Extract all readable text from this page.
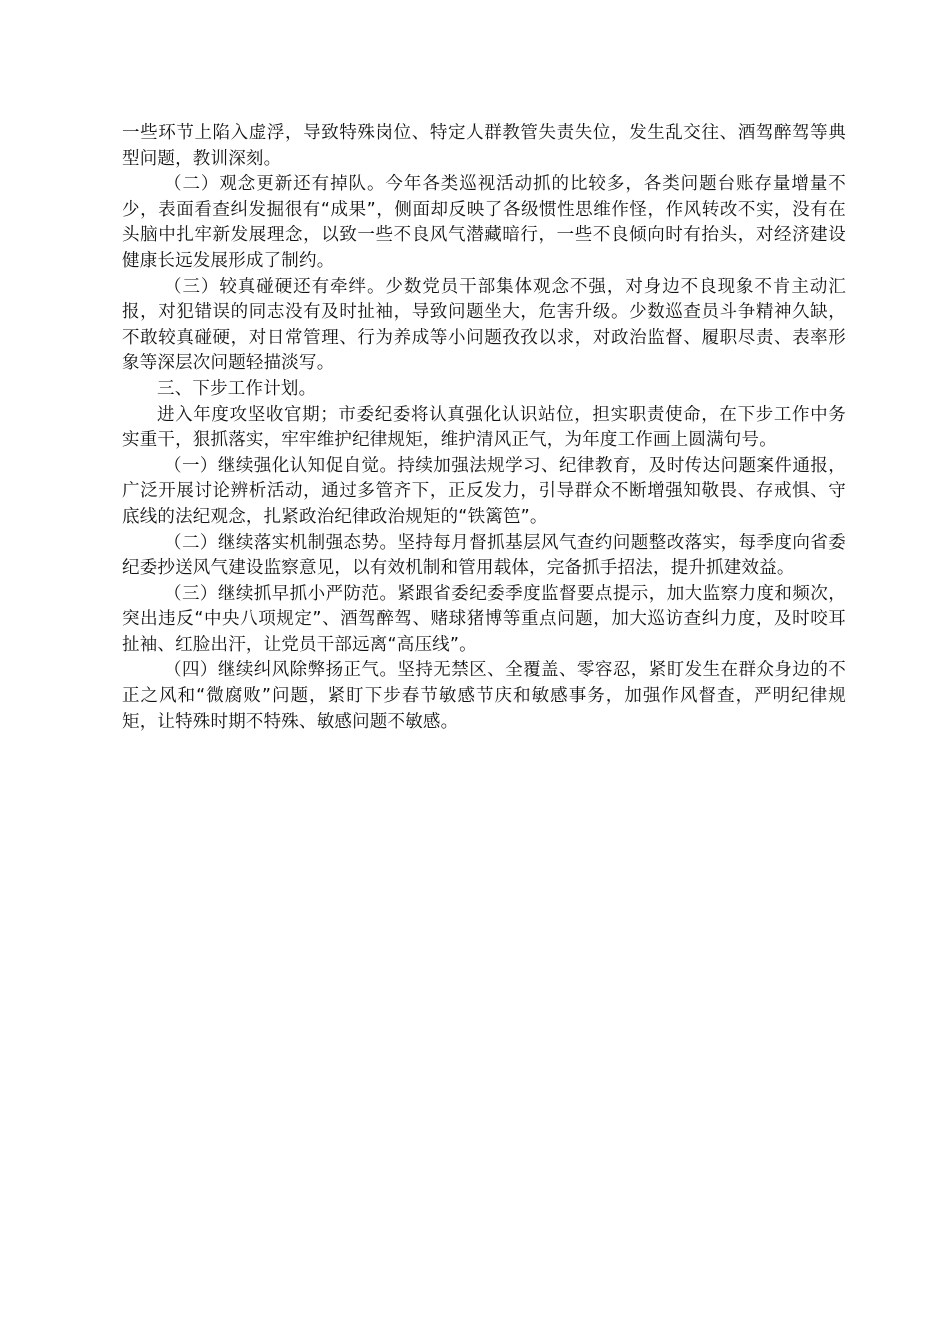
一些环节上陷入虚浮，导致特殊岗位、特定人群教管失责失位，发生乱交往、酒驾醉驾等典型问题，教训深刻。

（二）观念更新还有掉队。今年各类巡视活动抓的比较多，各类问题台账存量增量不少，表面看查纠发掘很有“成果”，侧面却反映了各级惯性思维作怪，作风转改不实，没有在头脑中扎牢新发展理念，以致一些不良风气潜藏暗行，一些不良倾向时有抬头，对经济建设健康长远发展形成了制约。

（三）较真碰硬还有牵绊。少数党员干部集体观念不强，对身边不良现象不肯主动汇报，对犯错误的同志没有及时扯袖，导致问题坐大，危害升级。少数巡查员斗争精神久缺，不敢较真碰硬，对日常管理、行为养成等小问题孜孜以求，对政治监督、履职尽责、表率形象等深层次问题轻描淡写。

三、下步工作计划。

进入年度攻坚收官期；市委纪委将认真强化认识站位，担实职责使命，在下步工作中务实重干，狠抓落实，牢牢维护纪律规矩，维护清风正气，为年度工作画上圆满句号。

（一）继续强化认知促自觉。持续加强法规学习、纪律教育，及时传达问题案件通报，广泛开展讨论辨析活动，通过多管齐下，正反发力，引导群众不断增强知敬畏、存戒惧、守底线的法纪观念，扎紧政治纪律政治规矩的“铁篱笆”。

（二）继续落实机制强态势。坚持每月督抓基层风气查约问题整改落实，每季度向省委纪委抄送风气建设监察意见，以有效机制和管用载体，完备抓手招法，提升抓建效益。

（三）继续抓早抓小严防范。紧跟省委纪委季度监督要点提示，加大监察力度和频次，突出违反“中央八项规定”、酒驾醉驾、赌球猪博等重点问题，加大巡访查纠力度，及时咬耳扯袖、红脸出汗，让党员干部远离“高压线”。

（四）继续纠风除弊扬正气。坚持无禁区、全覆盖、零容忍，紧盯发生在群众身边的不正之风和“微腐败”问题，紧盯下步春节敏感节庆和敏感事务，加强作风督查，严明纪律规矩，让特殊时期不特殊、敏感问题不敏感。
